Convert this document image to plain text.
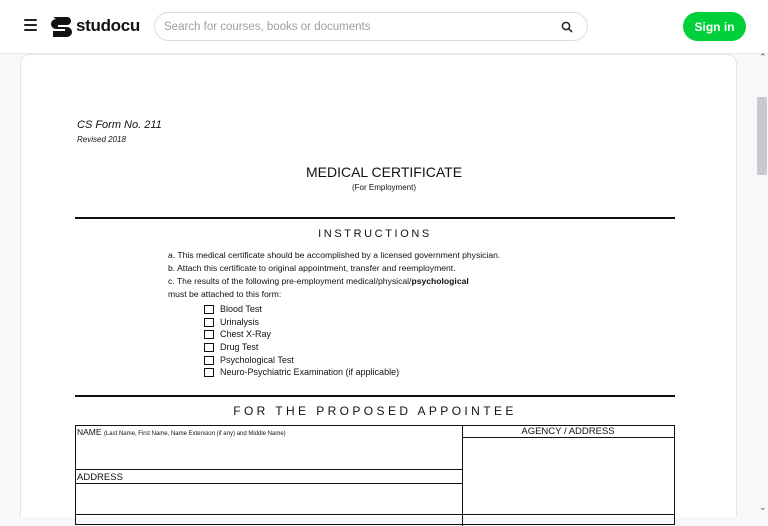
studocu
Search for courses, books or documents	Sign in
CS Form No. 211
Revised 2018
MEDICAL CERTIFICATE
(For Employment)
INSTRUCTIONS
a. This medical certificate should be accomplished by a licensed government physician.
b. Attach this certificate to original appointment, transfer and reemployment.
c. The results of the following pre-employment medical/physical/psychological
must be attached to this form:
Blood Test
Urinalysis
Chest X-Ray
Drug Test
Psychological Test
Neuro-Psychiatric Examination (if applicable)
FOR THE PROPOSED APPOINTEE
NAME (Last Name, First Name, Name Extension (if any) and Middle Name)	AGENCY / ADDRESS
ADDRESS
⌃
⌄
